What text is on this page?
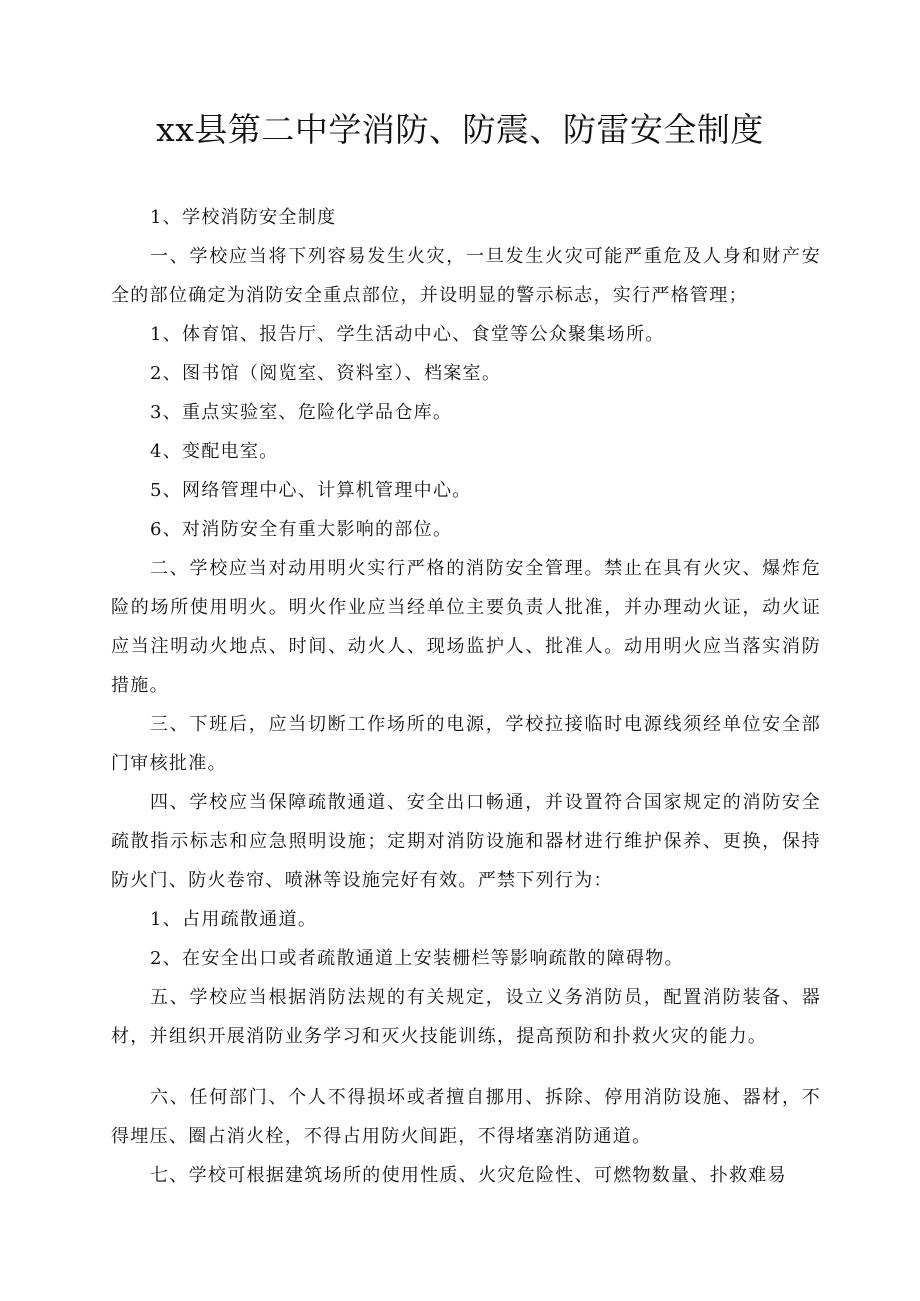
xx县第二中学消防、防震、防雷安全制度

1、学校消防安全制度

一、学校应当将下列容易发生火灾，一旦发生火灾可能严重危及人身和财产安全的部位确定为消防安全重点部位，并设明显的警示标志，实行严格管理；

1、体育馆、报告厅、学生活动中心、食堂等公众聚集场所。

2、图书馆（阅览室、资料室）、档案室。

3、重点实验室、危险化学品仓库。

4、变配电室。

5、网络管理中心、计算机管理中心。

6、对消防安全有重大影响的部位。

二、学校应当对动用明火实行严格的消防安全管理。禁止在具有火灾、爆炸危险的场所使用明火。明火作业应当经单位主要负责人批准，并办理动火证，动火证应当注明动火地点、时间、动火人、现场监护人、批准人。动用明火应当落实消防措施。

三、下班后，应当切断工作场所的电源，学校拉接临时电源线须经单位安全部门审核批准。

四、学校应当保障疏散通道、安全出口畅通，并设置符合国家规定的消防安全疏散指示标志和应急照明设施；定期对消防设施和器材进行维护保养、更换，保持防火门、防火卷帘、喷淋等设施完好有效。严禁下列行为：

1、占用疏散通道。

2、在安全出口或者疏散通道上安装栅栏等影响疏散的障碍物。

五、学校应当根据消防法规的有关规定，设立义务消防员，配置消防装备、器材，并组织开展消防业务学习和灭火技能训练，提高预防和扑救火灾的能力。

六、任何部门、个人不得损坏或者擅自挪用、拆除、停用消防设施、器材，不得埋压、圈占消火栓，不得占用防火间距，不得堵塞消防通道。

七、学校可根据建筑场所的使用性质、火灾危险性、可燃物数量、扑救难易
